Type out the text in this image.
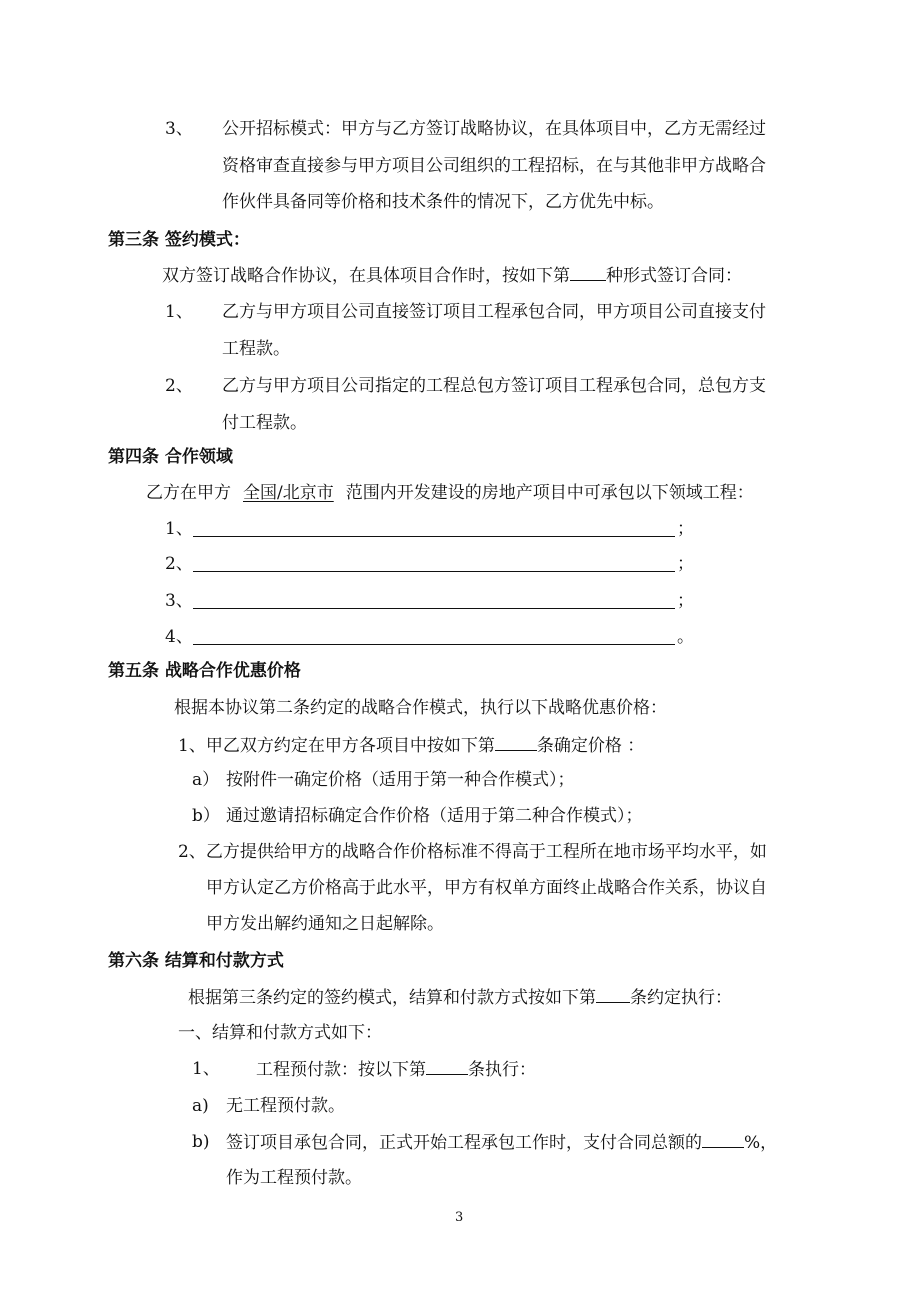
3、 公开招标模式：甲方与乙方签订战略协议，在具体项目中，乙方无需经过
资格审查直接参与甲方项目公司组织的工程招标，在与其他非甲方战略合
作伙伴具备同等价格和技术条件的情况下，乙方优先中标。
第三条 签约模式：
双方签订战略合作协议，在具体项目合作时，按如下第 种形式签订合同：
1、 乙方与甲方项目公司直接签订项目工程承包合同，甲方项目公司直接支付
工程款。
2、 乙方与甲方项目公司指定的工程总包方签订项目工程承包合同，总包方支
付工程款。
第四条 合作领域
乙方在甲方 全国/北京市 范围内开发建设的房地产项目中可承包以下领域工程：
1、	；
2、	；
3、	；
4、	。
第五条 战略合作优惠价格
根据本协议第二条约定的战略合作模式，执行以下战略优惠价格：
1、甲乙双方约定在甲方各项目中按如下第 条确定价格 ：
a） 按附件一确定价格（适用于第一种合作模式）；
b） 通过邀请招标确定合作价格（适用于第二种合作模式）；
2、乙方提供给甲方的战略合作价格标准不得高于工程所在地市场平均水平，如
甲方认定乙方价格高于此水平，甲方有权单方面终止战略合作关系，协议自
甲方发出解约通知之日起解除。
第六条 结算和付款方式
根据第三条约定的签约模式，结算和付款方式按如下第 条约定执行：
一、结算和付款方式如下：
1、 工程预付款：按以下第 条执行：
a) 无工程预付款。
b) 签订项目承包合同，正式开始工程承包工作时，支付合同总额的 %，
作为工程预付款。
3
